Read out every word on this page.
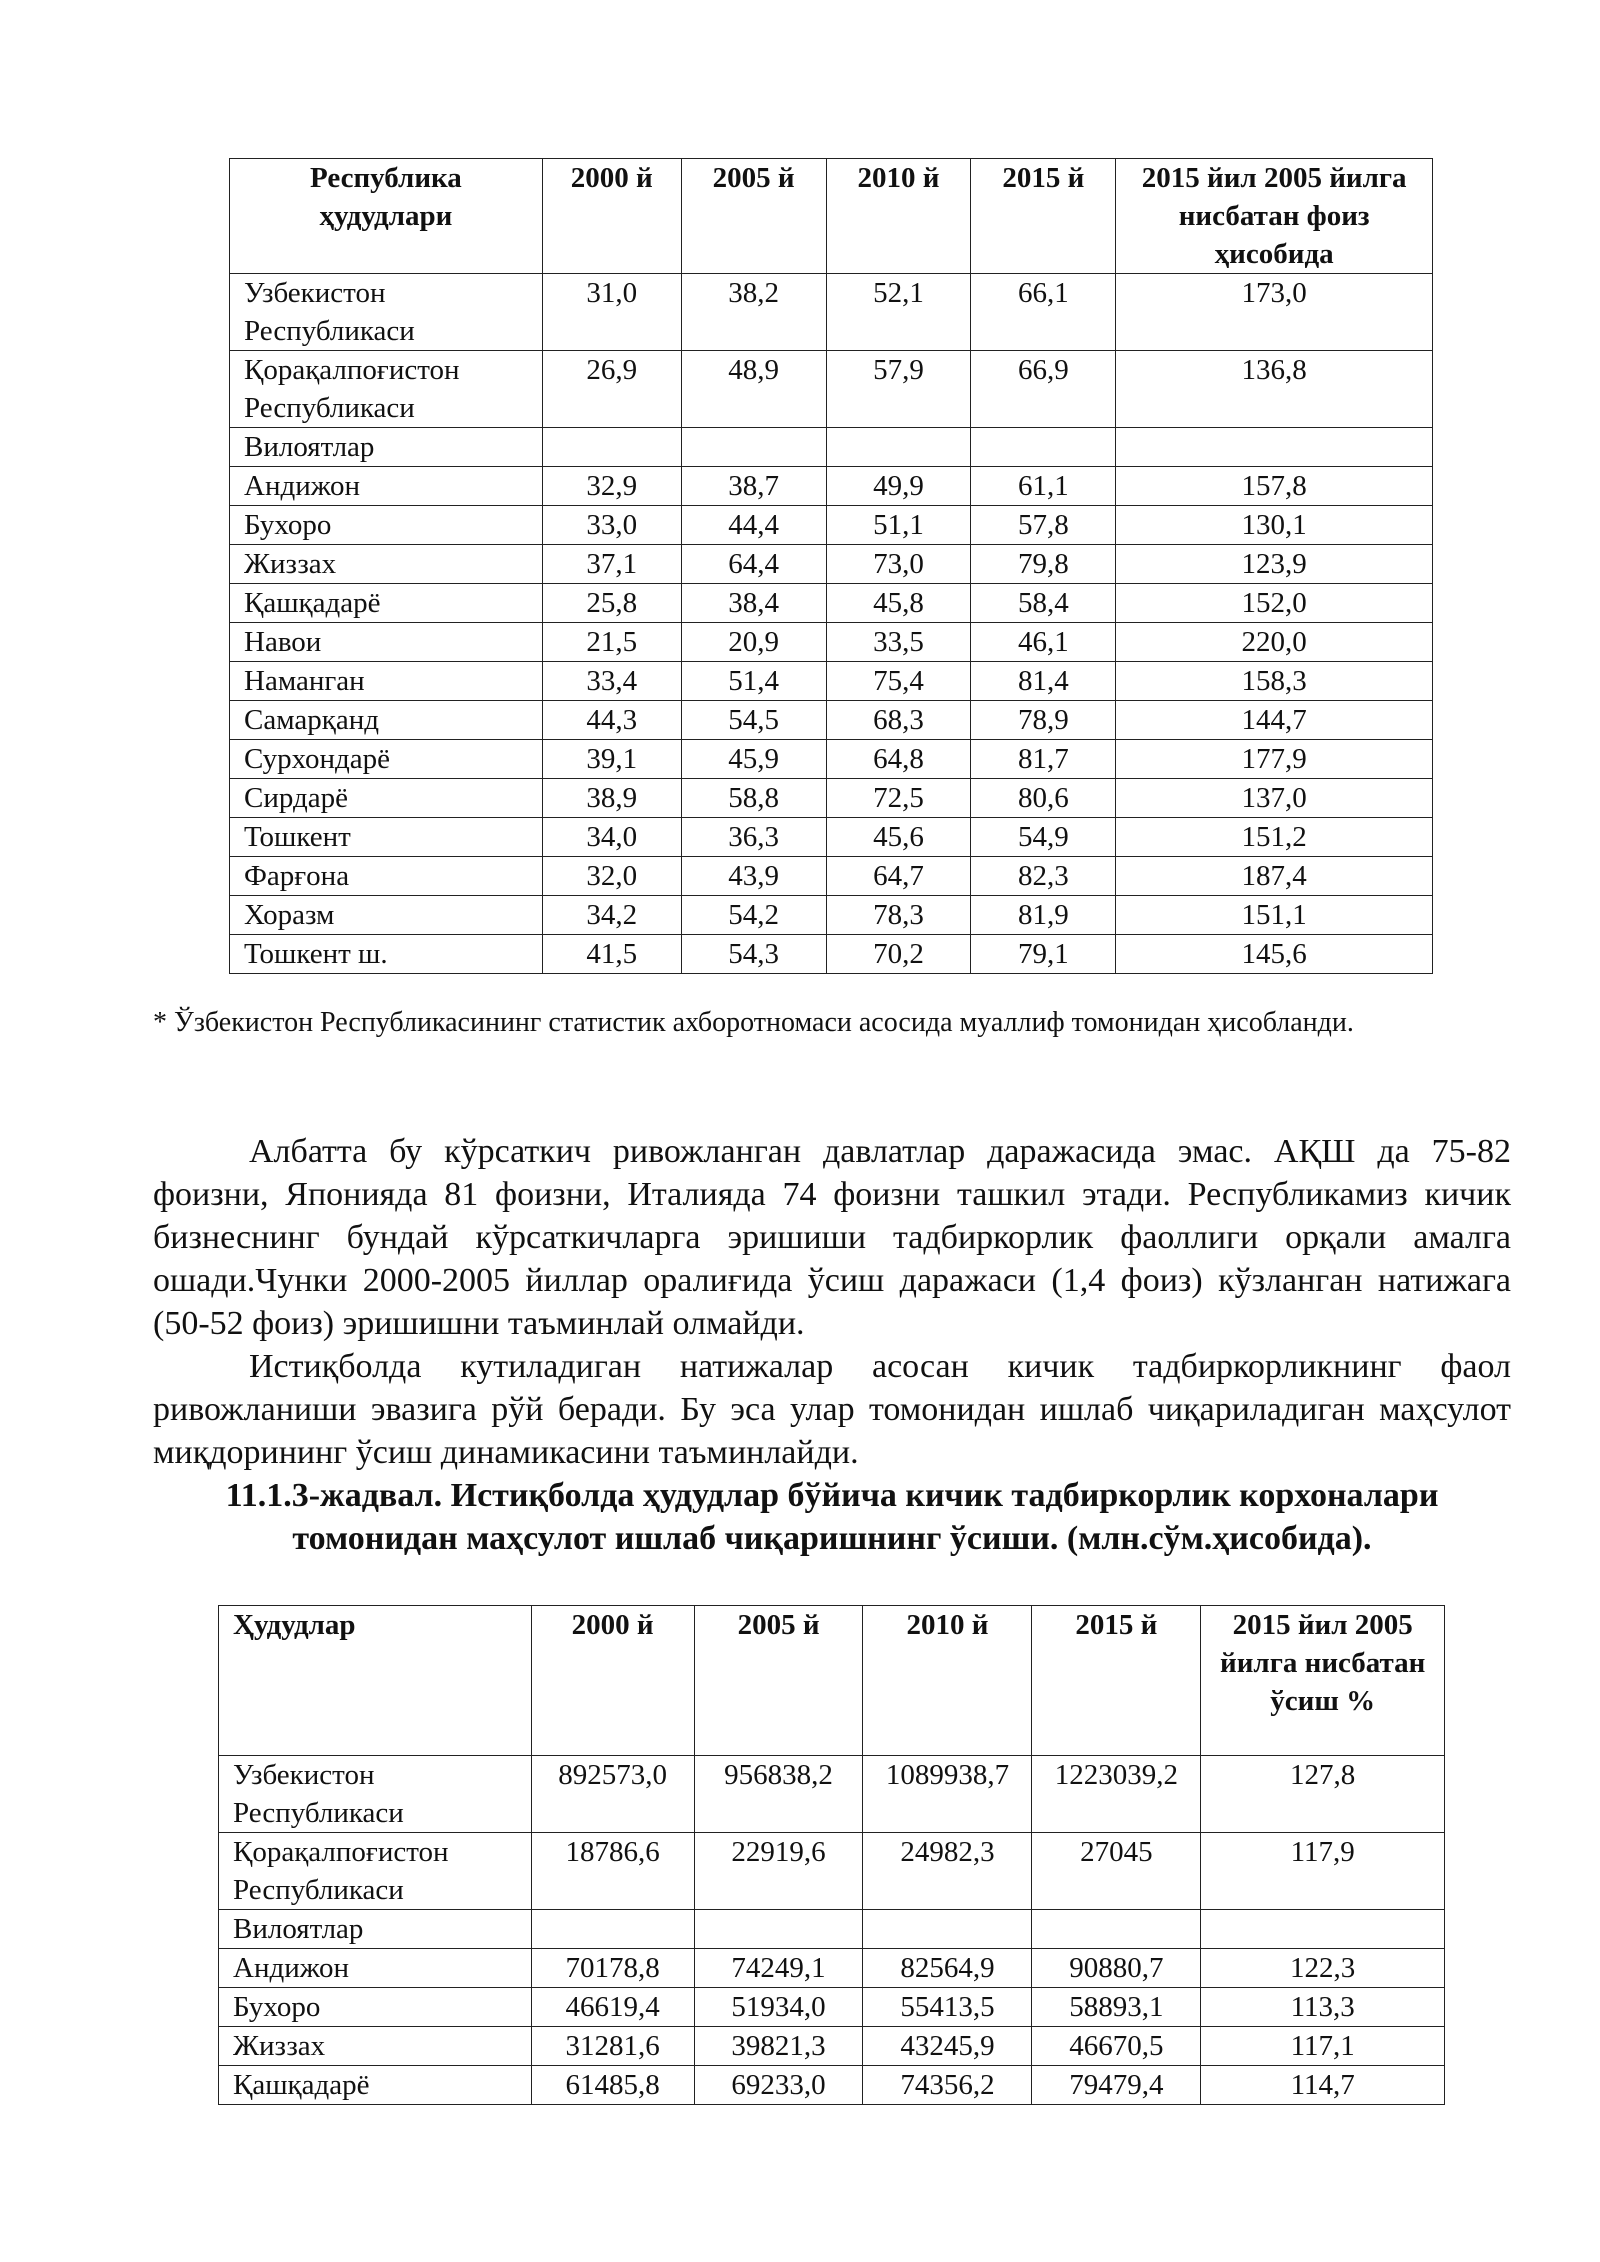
Республика ҳудудлари	2000 й	2005 й	2010 й	2015 й	2015 йил 2005 йилга нисбатан фоиз ҳисобида
Узбекистон Республикаси	31,0	38,2	52,1	66,1	173,0
Қорақалпоғистон Республикаси	26,9	48,9	57,9	66,9	136,8
Вилоятлар					
Андижон	32,9	38,7	49,9	61,1	157,8
Бухоро	33,0	44,4	51,1	57,8	130,1
Жиззах	37,1	64,4	73,0	79,8	123,9
Қашқадарё	25,8	38,4	45,8	58,4	152,0
Навои	21,5	20,9	33,5	46,1	220,0
Наманган	33,4	51,4	75,4	81,4	158,3
Самарқанд	44,3	54,5	68,3	78,9	144,7
Сурхондарё	39,1	45,9	64,8	81,7	177,9
Сирдарё	38,9	58,8	72,5	80,6	137,0
Тошкент	34,0	36,3	45,6	54,9	151,2
Фарғона	32,0	43,9	64,7	82,3	187,4
Хоразм	34,2	54,2	78,3	81,9	151,1
Тошкент ш.	41,5	54,3	70,2	79,1	145,6
* Ўзбекистон Республикасининг статистик ахборотномаси асосида муаллиф томонидан ҳисобланди.

Албатта бу кўрсаткич ривожланган давлатлар даражасида эмас. АҚШ да 75-82 фоизни, Японияда 81 фоизни, Италияда 74 фоизни ташкил этади. Республикамиз кичик бизнеснинг бундай кўрсаткичларга эришиши тадбиркорлик фаоллиги орқали амалга ошади.Чунки 2000-2005 йиллар оралиғида ўсиш даражаси (1,4 фоиз) кўзланган натижага (50-52 фоиз) эришишни таъминлай олмайди.

Истиқболда кутиладиган натижалар асосан кичик тадбиркорликнинг фаол ривожланиши эвазига рўй беради. Бу эса улар томонидан ишлаб чиқариладиган маҳсулот миқдорининг ўсиш динамикасини таъминлайди.

11.1.3-жадвал. Истиқболда ҳудудлар бўйича кичик тадбиркорлик корхоналари томонидан маҳсулот ишлаб чиқаришнинг ўсиши. (млн.сўм.ҳисобида).

Ҳудудлар	2000 й	2005 й	2010 й	2015 й	2015 йил 2005 йилга нисбатан ўсиш %
Узбекистон Республикаси	892573,0	956838,2	1089938,7	1223039,2	127,8
Қорақалпоғистон Республикаси	18786,6	22919,6	24982,3	27045	117,9
Вилоятлар					
Андижон	70178,8	74249,1	82564,9	90880,7	122,3
Бухоро	46619,4	51934,0	55413,5	58893,1	113,3
Жиззах	31281,6	39821,3	43245,9	46670,5	117,1
Қашқадарё	61485,8	69233,0	74356,2	79479,4	114,7
